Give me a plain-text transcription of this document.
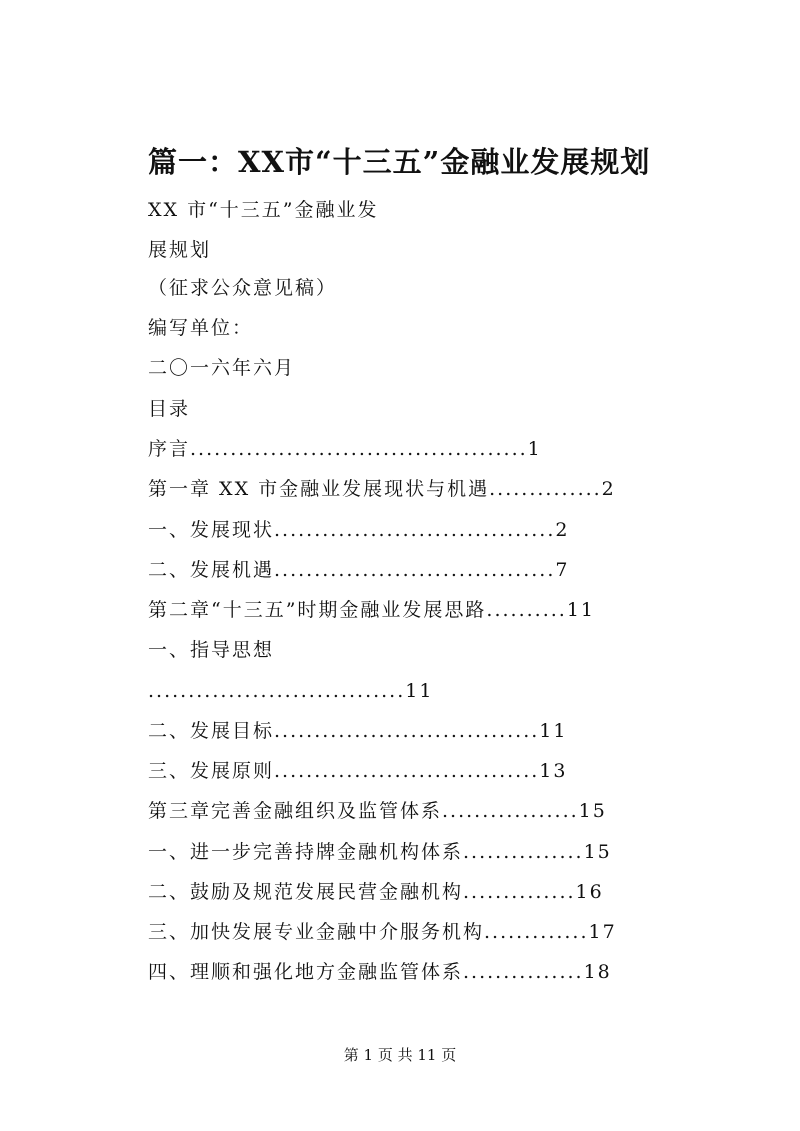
篇一：XX市“十三五”金融业发展规划
XX 市“十三五”金融业发
展规划
（征求公众意见稿）
编写单位：
二〇一六年六月
目录
序言..........................................1
第一章 XX 市金融业发展现状与机遇..............2
一、发展现状...................................2
二、发展机遇...................................7
第二章“十三五”时期金融业发展思路..........11
一、指导思想
................................11
二、发展目标.................................11
三、发展原则.................................13
第三章完善金融组织及监管体系.................15
一、进一步完善持牌金融机构体系...............15
二、鼓励及规范发展民营金融机构..............16
三、加快发展专业金融中介服务机构.............17
四、理顺和强化地方金融监管体系...............18
第 1 页 共 11 页
